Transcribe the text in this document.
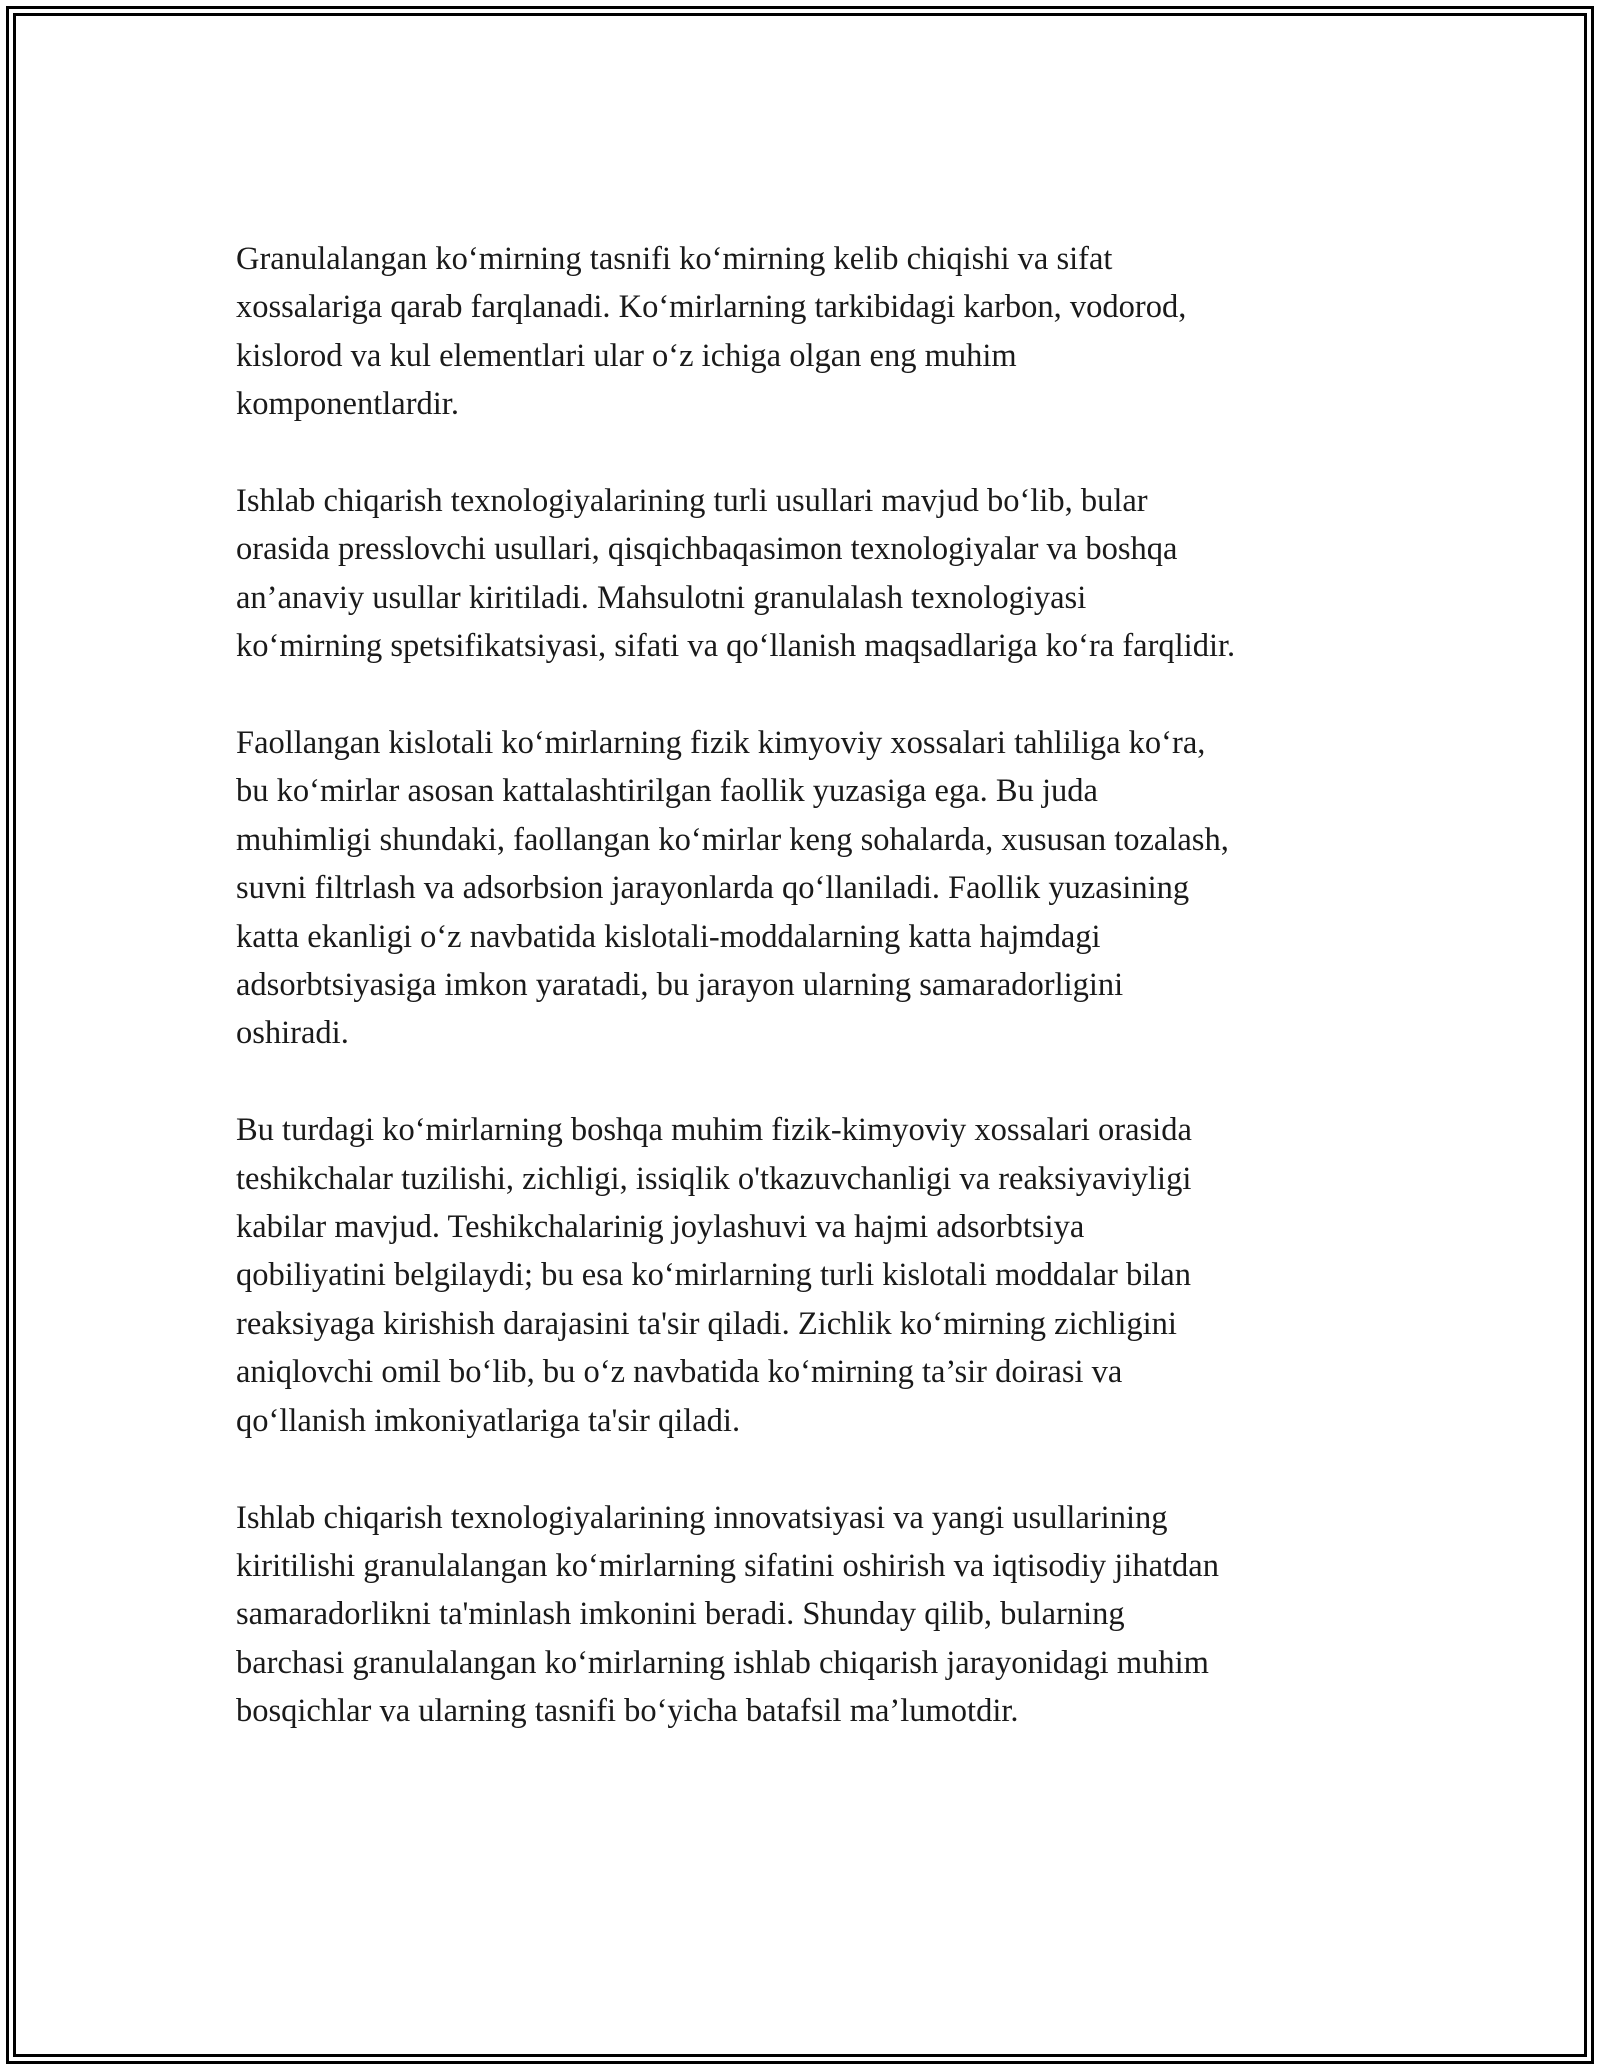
Granulalangan ko‘mirning tasnifi ko‘mirning kelib chiqishi va sifat
xossalariga qarab farqlanadi. Ko‘mirlarning tarkibidagi karbon, vodorod,
kislorod va kul elementlari ular o‘z ichiga olgan eng muhim
komponentlardir.

Ishlab chiqarish texnologiyalarining turli usullari mavjud bo‘lib, bular
orasida presslovchi usullari, qisqichbaqasimon texnologiyalar va boshqa
an’anaviy usullar kiritiladi. Mahsulotni granulalash texnologiyasi
ko‘mirning spetsifikatsiyasi, sifati va qo‘llanish maqsadlariga ko‘ra farqlidir.

Faollangan kislotali ko‘mirlarning fizik kimyoviy xossalari tahliliga ko‘ra,
bu ko‘mirlar asosan kattalashtirilgan faollik yuzasiga ega. Bu juda
muhimligi shundaki, faollangan ko‘mirlar keng sohalarda, xususan tozalash,
suvni filtrlash va adsorbsion jarayonlarda qo‘llaniladi. Faollik yuzasining
katta ekanligi o‘z navbatida kislotali-moddalarning katta hajmdagi
adsorbtsiyasiga imkon yaratadi, bu jarayon ularning samaradorligini
oshiradi.

Bu turdagi ko‘mirlarning boshqa muhim fizik-kimyoviy xossalari orasida
teshikchalar tuzilishi, zichligi, issiqlik o'tkazuvchanligi va reaksiyaviyligi
kabilar mavjud. Teshikchalarinig joylashuvi va hajmi adsorbtsiya
qobiliyatini belgilaydi; bu esa ko‘mirlarning turli kislotali moddalar bilan
reaksiyaga kirishish darajasini ta'sir qiladi. Zichlik ko‘mirning zichligini
aniqlovchi omil bo‘lib, bu o‘z navbatida ko‘mirning ta’sir doirasi va
qo‘llanish imkoniyatlariga ta'sir qiladi.

Ishlab chiqarish texnologiyalarining innovatsiyasi va yangi usullarining
kiritilishi granulalangan ko‘mirlarning sifatini oshirish va iqtisodiy jihatdan
samaradorlikni ta'minlash imkonini beradi. Shunday qilib, bularning
barchasi granulalangan ko‘mirlarning ishlab chiqarish jarayonidagi muhim
bosqichlar va ularning tasnifi bo‘yicha batafsil ma’lumotdir.
